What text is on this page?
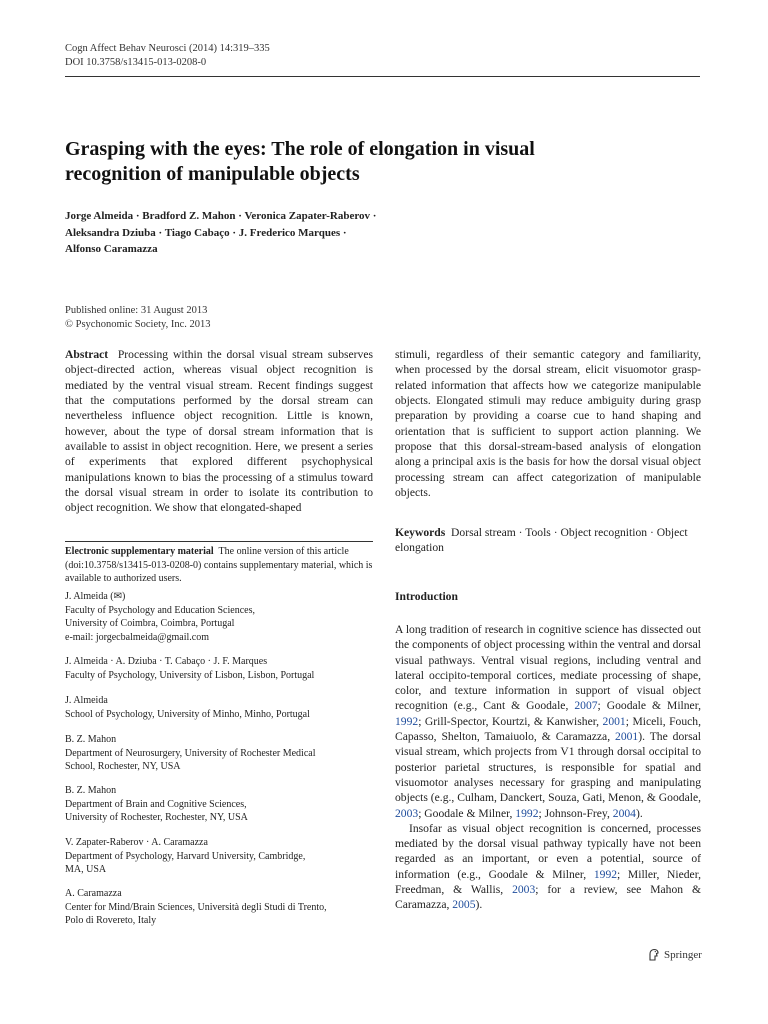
Cogn Affect Behav Neurosci (2014) 14:319–335
DOI 10.3758/s13415-013-0208-0
Grasping with the eyes: The role of elongation in visual
recognition of manipulable objects
Jorge Almeida · Bradford Z. Mahon · Veronica Zapater-Raberov ·
Aleksandra Dziuba · Tiago Cabaço · J. Frederico Marques ·
Alfonso Caramazza
Published online: 31 August 2013
© Psychonomic Society, Inc. 2013
Abstract Processing within the dorsal visual stream subserves object-directed action, whereas visual object recognition is mediated by the ventral visual stream. Recent findings suggest that the computations performed by the dorsal stream can nevertheless influence object recognition. Little is known, however, about the type of dorsal stream information that is available to assist in object recognition. Here, we present a series of experiments that explored different psychophysical manipulations known to bias the processing of a stimulus toward the dorsal visual stream in order to isolate its contribution to object recognition. We show that elongated-shaped
Electronic supplementary material The online version of this article (doi:10.3758/s13415-013-0208-0) contains supplementary material, which is available to authorized users.
J. Almeida (✉)
Faculty of Psychology and Education Sciences,
University of Coimbra, Coimbra, Portugal
e-mail: jorgecbalmeida@gmail.com
J. Almeida · A. Dziuba · T. Cabaço · J. F. Marques
Faculty of Psychology, University of Lisbon, Lisbon, Portugal
J. Almeida
School of Psychology, University of Minho, Minho, Portugal
B. Z. Mahon
Department of Neurosurgery, University of Rochester Medical
School, Rochester, NY, USA
B. Z. Mahon
Department of Brain and Cognitive Sciences,
University of Rochester, Rochester, NY, USA
V. Zapater-Raberov · A. Caramazza
Department of Psychology, Harvard University, Cambridge,
MA, USA
A. Caramazza
Center for Mind/Brain Sciences, Università degli Studi di Trento,
Polo di Rovereto, Italy
stimuli, regardless of their semantic category and familiarity, when processed by the dorsal stream, elicit visuomotor grasp-related information that affects how we categorize manipulable objects. Elongated stimuli may reduce ambiguity during grasp preparation by providing a coarse cue to hand shaping and orientation that is sufficient to support action planning. We propose that this dorsal-stream-based analysis of elongation along a principal axis is the basis for how the dorsal visual object processing stream can affect categorization of manipulable objects.
Keywords Dorsal stream · Tools · Object recognition · Object elongation
Introduction

A long tradition of research in cognitive science has dissected out the components of object processing within the ventral and dorsal visual pathways. Ventral visual regions, including ventral and lateral occipito-temporal cortices, mediate processing of shape, color, and texture information in support of visual object recognition (e.g., Cant & Goodale, 2007; Goodale & Milner, 1992; Grill-Spector, Kourtzi, & Kanwisher, 2001; Miceli, Fouch, Capasso, Shelton, Tamaiuolo, & Caramazza, 2001). The dorsal visual stream, which projects from V1 through dorsal occipital to posterior parietal structures, is responsible for spatial and visuomotor analyses necessary for grasping and manipulating objects (e.g., Culham, Danckert, Souza, Gati, Menon, & Goodale, 2003; Goodale & Milner, 1992; Johnson-Frey, 2004).

Insofar as visual object recognition is concerned, processes mediated by the dorsal visual pathway typically have not been regarded as an important, or even a potential, source of information (e.g., Goodale & Milner, 1992; Miller, Nieder, Freedman, & Wallis, 2003; for a review, see Mahon & Caramazza, 2005).

Springer
